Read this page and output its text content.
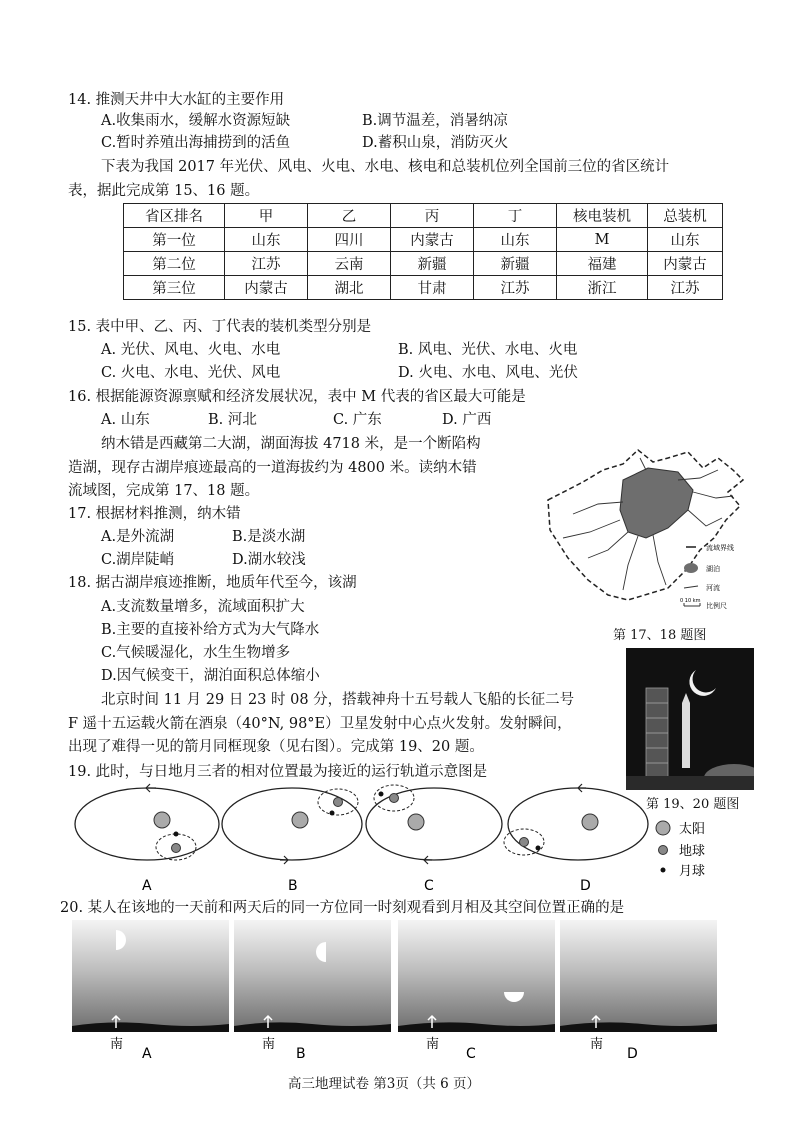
14. 推测天井中大水缸的主要作用
A.收集雨水，缓解水资源短缺	B.调节温差，消暑纳凉
C.暂时养殖出海捕捞到的活鱼	D.蓄积山泉，消防灭火
下表为我国 2017 年光伏、风电、火电、水电、核电和总装机位列全国前三位的省区统计
表，据此完成第 15、16 题。
省区排名	甲	乙	丙	丁	核电装机	总装机
第一位	山东	四川	内蒙古	山东	M	山东
第二位	江苏	云南	新疆	新疆	福建	内蒙古
第三位	内蒙古	湖北	甘肃	江苏	浙江	江苏
15. 表中甲、乙、丙、丁代表的装机类型分别是
A. 光伏、风电、火电、水电	B. 风电、光伏、水电、火电
C. 火电、水电、光伏、风电	D. 火电、水电、风电、光伏
16. 根据能源资源禀赋和经济发展状况，表中 M 代表的省区最大可能是
A. 山东	B. 河北	C. 广东	D. 广西
纳木错是西藏第二大湖，湖面海拔 4718 米，是一个断陷构
造湖，现存古湖岸痕迹最高的一道海拔约为 4800 米。读纳木错
流域图，完成第 17、18 题。
17. 根据材料推测，纳木错
A.是外流湖	B.是淡水湖
C.湖岸陡峭	D.湖水较浅
18. 据古湖岸痕迹推断，地质年代至今，该湖
A.支流数量增多，流域面积扩大
B.主要的直接补给方式为大气降水
C.气候暖湿化，水生生物增多
D.因气候变干，湖泊面积总体缩小
流域界线
湖泊
河流
比例尺
0 10 km
第 17、18 题图
第 19、20 题图
北京时间 11 月 29 日 23 时 08 分，搭载神舟十五号载人飞船的长征二号
F 遥十五运载火箭在酒泉（40°N, 98°E）卫星发射中心点火发射。发射瞬间，
出现了难得一见的箭月同框现象（见右图）。完成第 19、20 题。
19. 此时，与日地月三者的相对位置最为接近的运行轨道示意图是
A	B	C	D
太阳
地球
月球
20. 某人在该地的一天前和两天后的同一方位同一时刻观看到月相及其空间位置正确的是
南
A
南
B
南
C
南
D
高三地理试卷 第3页（共 6 页）
